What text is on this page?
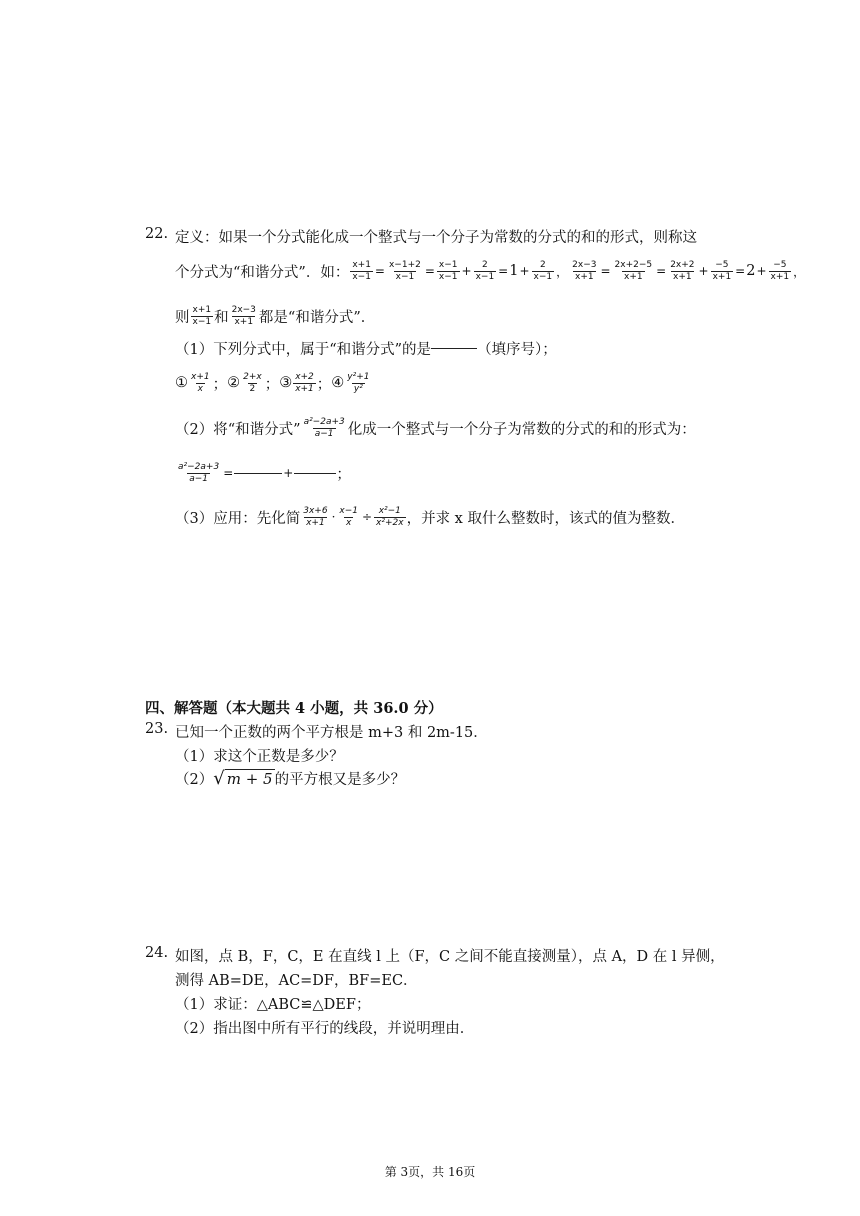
22. 定义：如果一个分式能化成一个整式与一个分子为常数的分式的和的形式，则称这
个分式为“和谐分式”．如： $\frac{x+1}{x-1} = \frac{x-1+2}{x-1} = \frac{x-1}{x-1} + \frac{2}{x-1} = 1 + \frac{2}{x-1}$ ， $\frac{2x-3}{x+1} = \frac{2x+2-5}{x+1} = \frac{2x+2}{x+1} + \frac{-5}{x+1} = 2 + \frac{-5}{x+1}$ ，
则 $\frac{x+1}{x-1}$ 和 $\frac{2x-3}{x+1}$ 都是“和谐分式”．
（1）下列分式中，属于“和谐分式”的是	（填序号）；
① $\frac{x+1}{x}$ ； ② $\frac{2+x}{2}$ ； ③ $\frac{x+2}{x+1}$ ； ④ $\frac{\text{y²+1}}{\text{y²}}$
（2）将“和谐分式” $\frac{\text{a²−2a+3}}{a-1}$ 化成一个整式与一个分子为常数的分式的和的形式为：
$\frac{\text{a²−2a+3}}{a-1}$ =	+	；
（3）应用：先化简 $\frac{3x+6}{x+1} \cdot \frac{x-1}{x} \div \frac{\text{x²−1}}{\text{x²+2x}}$ ，并求 x 取什么整数时，该式的值为整数．
四、解答题（本大题共 4 小题，共 36.0 分）
23. 已知一个正数的两个平方根是 m+3 和 2m-15．
（1）求这个正数是多少？
（2） √ m + 5 的平方根又是多少？
24. 如图，点 B，F，C，E 在直线 l 上（F，C 之间不能直接测量），点 A，D 在 l 异侧，
测得 AB=DE，AC=DF，BF=EC．
（1）求证：△ABC≌△DEF；
（2）指出图中所有平行的线段，并说明理由．
第 3页，共 16页
